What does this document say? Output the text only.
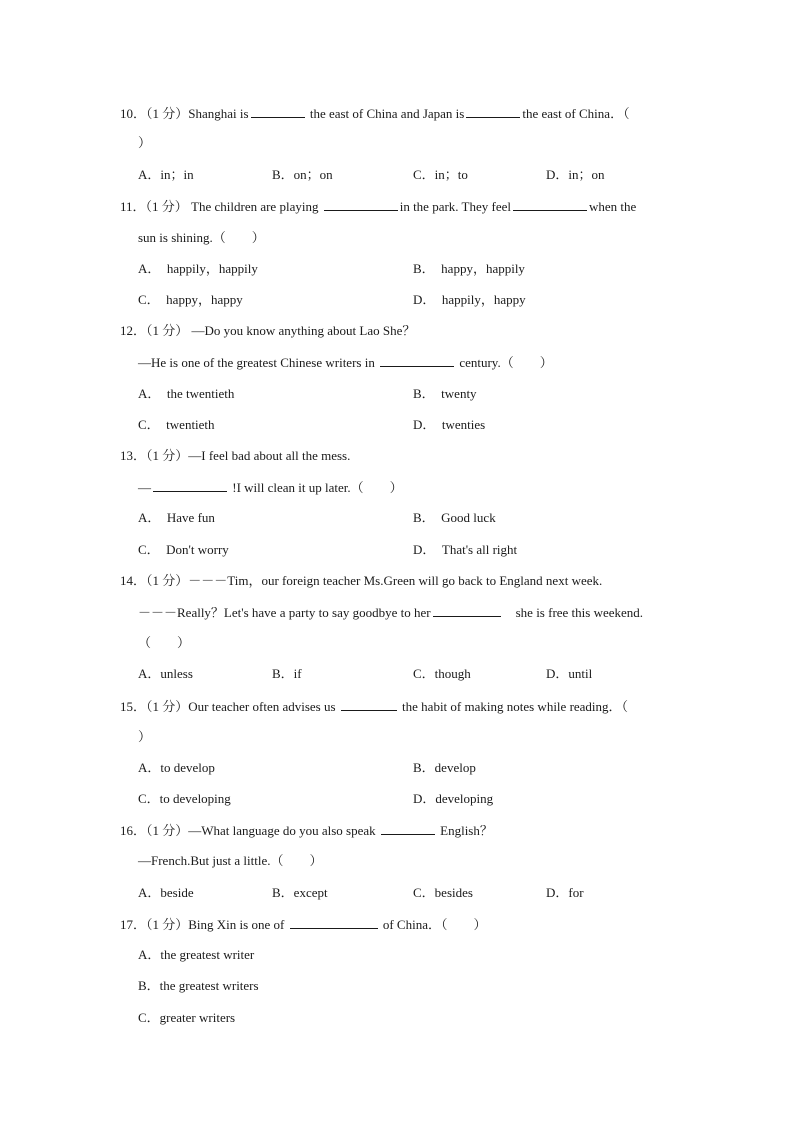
10．（1 分）Shanghai is	the east of China and Japan is	the east of China．（
）
A．in；in	B．on；on	C．in；to	D．in；on
11．（1 分） The children are playing	in the park. They feel	when the
sun is shining.（　　）
A．　happily，happily	B．　happy，happily
C．　happy，happy	D．　happily，happy
12．（1 分） —Do you know anything about Lao She？
—He is one of the greatest Chinese writers in	century.（　　）
A．　the twentieth	B．　twenty
C．　twentieth	D．　twenties
13．（1 分）—I feel bad about all the mess.
—	!I will clean it up later.（　　）
A．　Have fun	B．　Good luck
C．　Don't worry	D．　That's all right
14．（1 分）－－－Tim，our foreign teacher Ms.Green will go back to England next week.
－－－Really？Let's have a party to say goodbye to her	　she is free this weekend.
（　　）
A．unless	B．if	C．though	D．until
15．（1 分）Our teacher often advises us	the habit of making notes while reading．（
）
A．to develop	B．develop
C．to developing	D．developing
16．（1 分）—What language do you also speak	English？
—French.But just a little.（　　）
A．beside	B．except	C．besides	D．for
17．（1 分）Bing Xin is one of	of China．（　　）
A．the greatest writer
B．the greatest writers
C．greater writers
